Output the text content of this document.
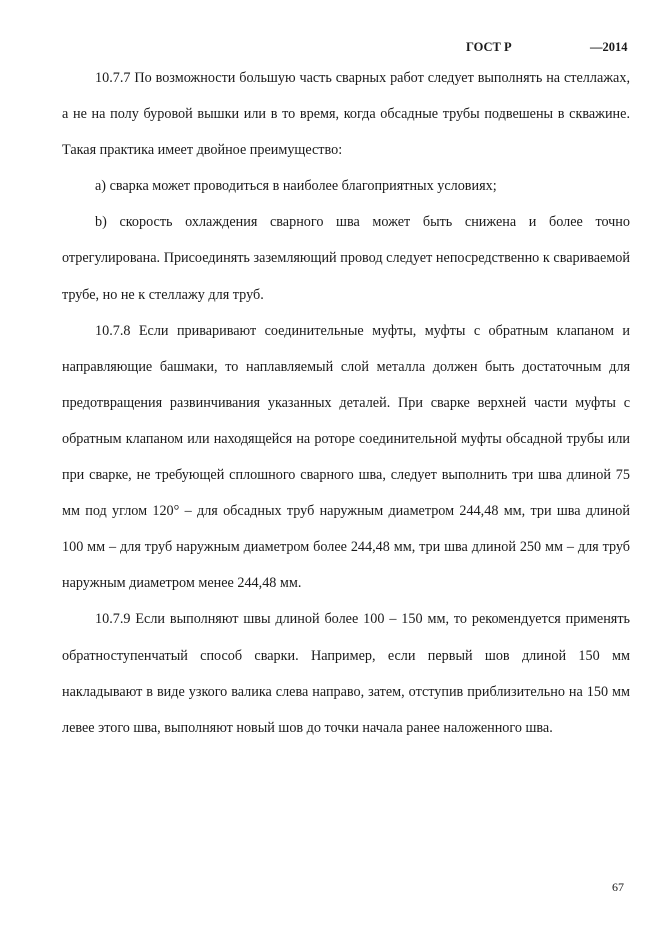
ГОСТ Р	—2014

10.7.7 По возможности большую часть сварных работ следует выполнять на стеллажах, а не на полу буровой вышки или в то время, когда обсадные трубы подвешены в скважине. Такая практика имеет двойное преимущество:

a) сварка может проводиться в наиболее благоприятных условиях;

b) скорость охлаждения сварного шва может быть снижена и более точно отрегулирована. Присоединять заземляющий провод следует непосредственно к свариваемой трубе, но не к стеллажу для труб.

10.7.8 Если приваривают соединительные муфты, муфты с обратным клапаном и направляющие башмаки, то наплавляемый слой металла должен быть достаточным для предотвращения развинчивания указанных деталей. При сварке верхней части муфты с обратным клапаном или находящейся на роторе соединительной муфты обсадной трубы или при сварке, не требующей сплошного сварного шва, следует выполнить три шва длиной 75 мм под углом 120° – для обсадных труб наружным диаметром 244,48 мм, три шва длиной 100 мм – для труб наружным диаметром более 244,48 мм, три шва длиной 250 мм – для труб наружным диаметром менее 244,48 мм.

10.7.9 Если выполняют швы длиной более 100 – 150 мм, то рекомендуется применять обратноступенчатый способ сварки. Например, если первый шов длиной 150 мм накладывают в виде узкого валика слева направо, затем, отступив приблизительно на 150 мм левее этого шва, выполняют новый шов до точки начала ранее наложенного шва.

67
